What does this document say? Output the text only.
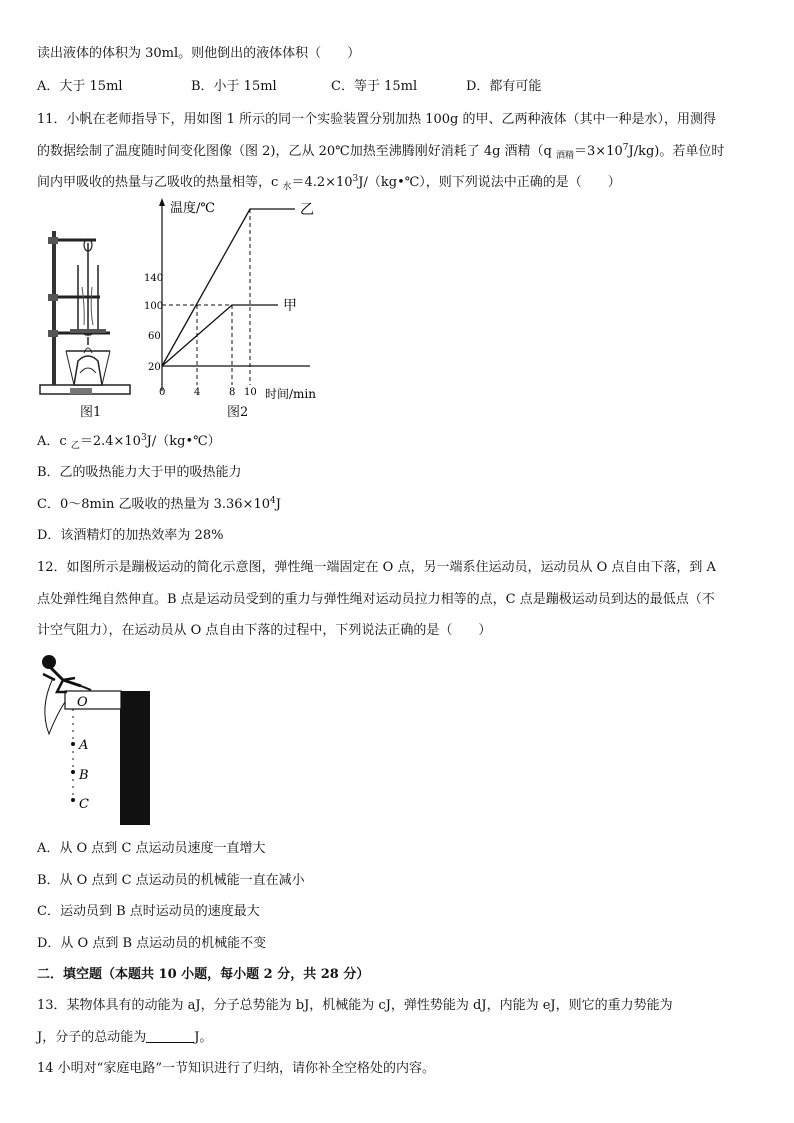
读出液体的体积为 30ml。则他倒出的液体体积（　　）
A．大于 15ml	B．小于 15ml	C．等于 15ml	D．都有可能
11．小帆在老师指导下，用如图 1 所示的同一个实验装置分别加热 100g 的甲、乙两种液体（其中一种是水），用测得
的数据绘制了温度随时间变化图像（图 2)，乙从 20℃加热至沸腾刚好消耗了 4g 酒精（q $_{酒精}=3\times 10^7J/kg$)。若单位时
间内甲吸收的热量与乙吸收的热量相等，c $_水=4.2\times 10^3J/(kg•℃)$，则下列说法中正确的是（　　）
图1
温度/℃
时间/min
140
100
60
20
0	4	8 10
乙
甲
图2
A．c $_乙=2.4\times 10^3J/(kg•℃)$
B．乙的吸热能力大于甲的吸热能力
C．0～8min 乙吸收的热量为 $3.36\times 10^4J$
D．该酒精灯的加热效率为 28%
12．如图所示是蹦极运动的简化示意图，弹性绳一端固定在 O 点，另一端系住运动员，运动员从 O 点自由下落，到 A
点处弹性绳自然伸直。B 点是运动员受到的重力与弹性绳对运动员拉力相等的点，C 点是蹦极运动员到达的最低点（不
计空气阻力），在运动员从 O 点自由下落的过程中，下列说法正确的是（　　）
O
A
B
C
A．从 O 点到 C 点运动员速度一直增大
B．从 O 点到 C 点运动员的机械能一直在减小
C．运动员到 B 点时运动员的速度最大
D．从 O 点到 B 点运动员的机械能不变
二．填空题（本题共 10 小题，每小题 2 分，共 28 分）
13．某物体具有的动能为 aJ，分子总势能为 bJ，机械能为 cJ，弹性势能为 dJ，内能为 eJ，则它的重力势能为
J，分子的总动能为	J。
14 小明对“家庭电路”一节知识进行了归纳，请你补全空格处的内容。
